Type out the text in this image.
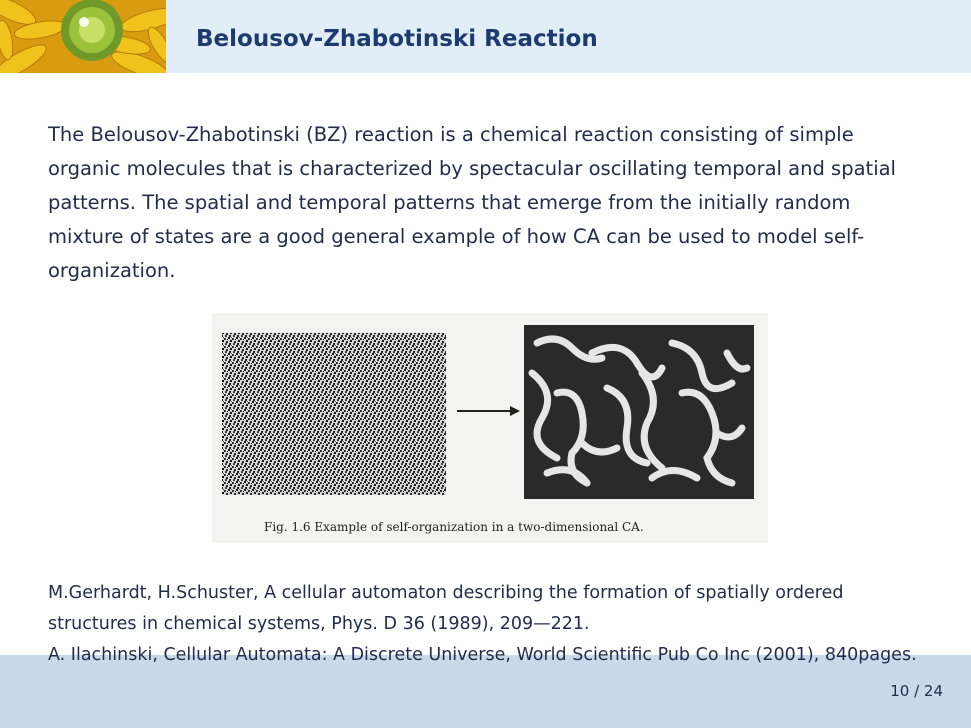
Belousov-Zhabotinski Reaction

The Belousov-Zhabotinski (BZ) reaction is a chemical reaction consisting of simple organic molecules that is characterized by spectacular oscillating temporal and spatial patterns. The spatial and temporal patterns that emerge from the initially random mixture of states are a good general example of how CA can be used to model self-organization.

Fig. 1.6 Example of self-organization in a two-dimensional CA.

M.Gerhardt, H.Schuster, A cellular automaton describing the formation of spatially ordered structures in chemical systems, Phys. D 36 (1989), 209—221.

A. Ilachinski, Cellular Automata: A Discrete Universe, World Scientific Pub Co Inc (2001), 840pages.

10 / 24
